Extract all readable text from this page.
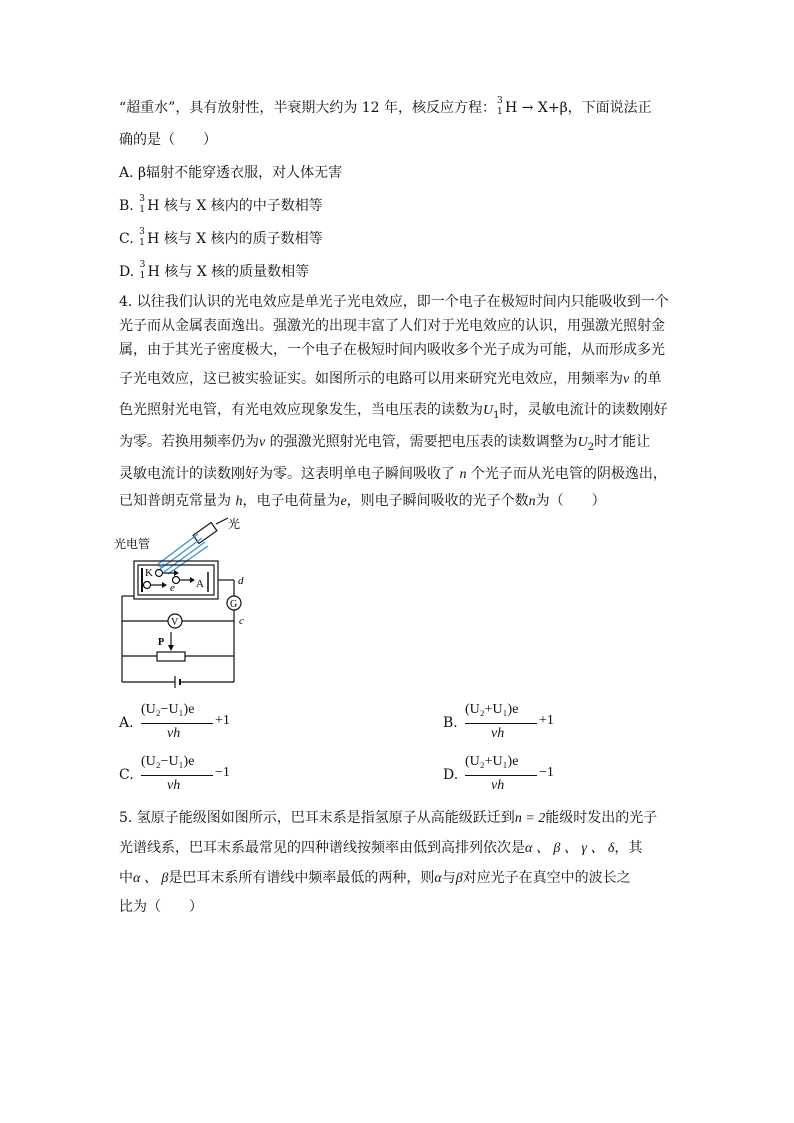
“超重水”，具有放射性，半衰期大约为 12 年，核反应方程： 3
1 H → X+β，下面说法正
确的是（　　）
A. β辐射不能穿透衣服，对人体无害
B. 3
1 H 核与 X 核内的中子数相等
C. 3
1 H 核与 X 核内的质子数相等
D. 3
1 H 核与 X 核的质量数相等
4. 以往我们认识的光电效应是单光子光电效应，即一个电子在极短时间内只能吸收到一个
光子而从金属表面逸出。强激光的出现丰富了人们对于光电效应的认识，用强激光照射金
属，由于其光子密度极大，一个电子在极短时间内吸收多个光子成为可能，从而形成多光
子光电效应，这已被实验证实。如图所示的电路可以用来研究光电效应，用频率为ν 的单
色光照射光电管，有光电效应现象发生，当电压表的读数为$U_1$时，灵敏电流计的读数刚好
为零。若换用频率仍为ν 的强激光照射光电管，需要把电压表的读数调整为$U_2$时才能让
灵敏电流计的读数刚好为零。这表明单电子瞬间吸收了 n 个光子而从光电管的阴极逸出，
已知普朗克常量为 h，电子电荷量为e，则电子瞬间吸收的光子个数n为（　　）
光
光电管
K
A
e
d
G
c
V
P
A.
(U₂−U₁)e
νh
+1	B.
(U₂+U₁)e
νh
+1
C.
(U₂−U₁)e
νh
−1	D.
(U₂+U₁)e
νh
−1
5. 氢原子能级图如图所示，巴耳末系是指氢原子从高能级跃迁到n = 2能级时发出的光子
光谱线系，巴耳末系最常见的四种谱线按频率由低到高排列依次是α 、 β 、 γ 、 δ，其
中α 、 β是巴耳末系所有谱线中频率最低的两种，则α与β对应光子在真空中的波长之
比为（　　）
